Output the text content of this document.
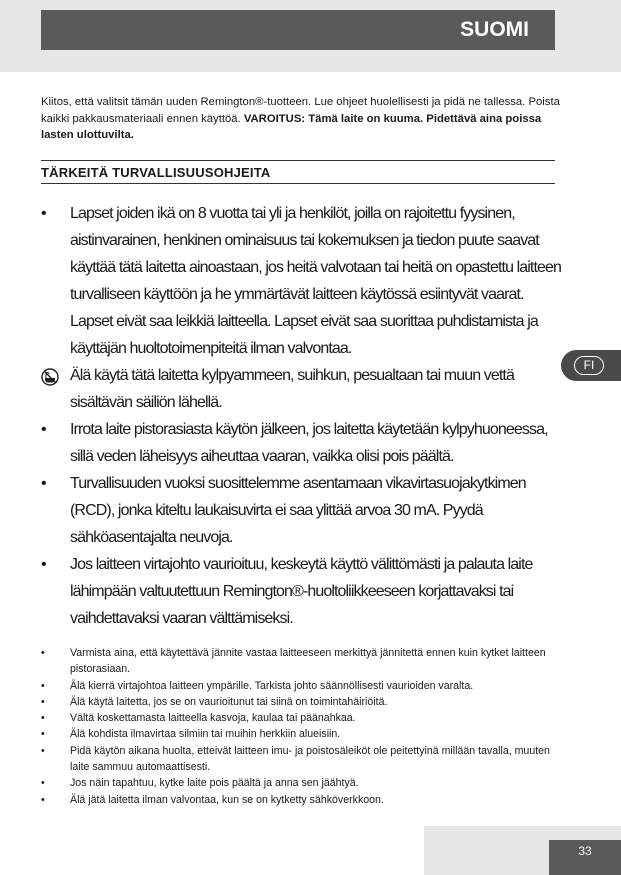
SUOMI
Kiitos, että valitsit tämän uuden Remington®-tuotteen. Lue ohjeet huolellisesti ja pidä ne tallessa. Poista kaikki pakkausmateriaali ennen käyttöä. VAROITUS: Tämä laite on kuuma. Pidettävä aina poissa lasten ulottuvilta.
TÄRKEITÄ TURVALLISUUSOHJEITA
•	Lapset joiden ikä on 8 vuotta tai yli ja henkilöt, joilla on rajoitettu fyysinen, aistinvarainen, henkinen ominaisuus tai kokemuksen ja tiedon puute saavat käyttää tätä laitetta ainoastaan, jos heitä valvotaan tai heitä on opastettu laitteen turvalliseen käyttöön ja he ymmärtävät laitteen käytössä esiintyvät vaarat. Lapset eivät saa leikkiä laitteella. Lapset eivät saa suorittaa puhdistamista ja käyttäjän huoltotoimenpiteitä ilman valvontaa.
Älä käytä tätä laitetta kylpyammeen, suihkun, pesualtaan tai muun vettä sisältävän säiliön lähellä.
•	Irrota laite pistorasiasta käytön jälkeen, jos laitetta käytetään kylpyhuoneessa, sillä veden läheisyys aiheuttaa vaaran, vaikka olisi pois päältä.
•	Turvallisuuden vuoksi suosittelemme asentamaan vikavirtasuojakytkimen (RCD), jonka kiteltu laukaisuvirta ei saa ylittää arvoa 30 mA. Pyydä sähköasentajalta neuvoja.
•	Jos laitteen virtajohto vaurioituu, keskeytä käyttö välittömästi ja palauta laite lähimpään valtuutettuun Remington®-huoltoliikkeeseen korjattavaksi tai vaihdettavaksi vaaran välttämiseksi.
• Varmista aina, että käytettävä jännite vastaa laitteeseen merkittyä jännitettä ennen kuin kytket laitteen pistorasiaan.
• Älä kierrä virtajohtoa laitteen ympärille. Tarkista johto säännöllisesti vaurioiden varalta.
• Älä käytä laitetta, jos se on vaurioitunut tai siinä on toimintahäiriöitä.
• Vältä koskettamasta laitteella kasvoja, kaulaa tai päänahkaa.
• Älä kohdista ilmavirtaa silmiin tai muihin herkkiin alueisiin.
• Pidä käytön aikana huolta, etteivät laitteen imu- ja poistosäleiköt ole peitettyinä millään tavalla, muuten laite sammuu automaattisesti.
• Jos näin tapahtuu, kytke laite pois päältä ja anna sen jäähtyä.
• Älä jätä laitetta ilman valvontaa, kun se on kytketty sähköverkkoon.
FI
33
